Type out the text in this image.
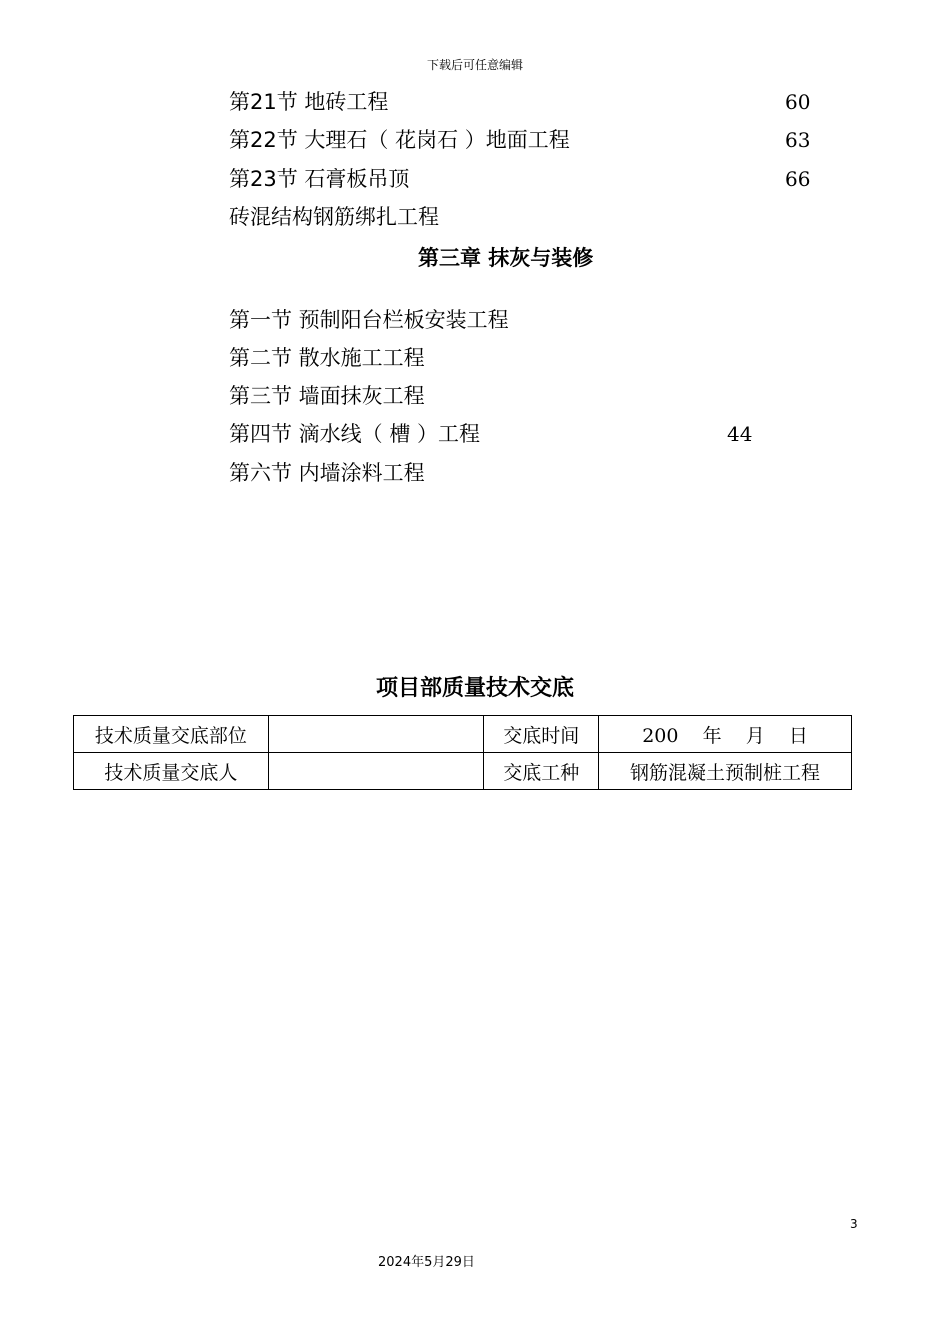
下载后可任意编辑
第21节 地砖工程	60
第22节 大理石（ 花岗石 ）地面工程	63
第23节 石膏板吊顶	66
砖混结构钢筋绑扎工程
第三章 抹灰与装修
第一节 预制阳台栏板安装工程
第二节 散水施工工程
第三节 墙面抹灰工程
第四节 滴水线（ 槽 ）工程	44
第六节 内墙涂料工程
项目部质量技术交底
技术质量交底部位		交底时间	200    年    月    日
技术质量交底人		交底工种	钢筋混凝土预制桩工程
3
2024年5月29日
